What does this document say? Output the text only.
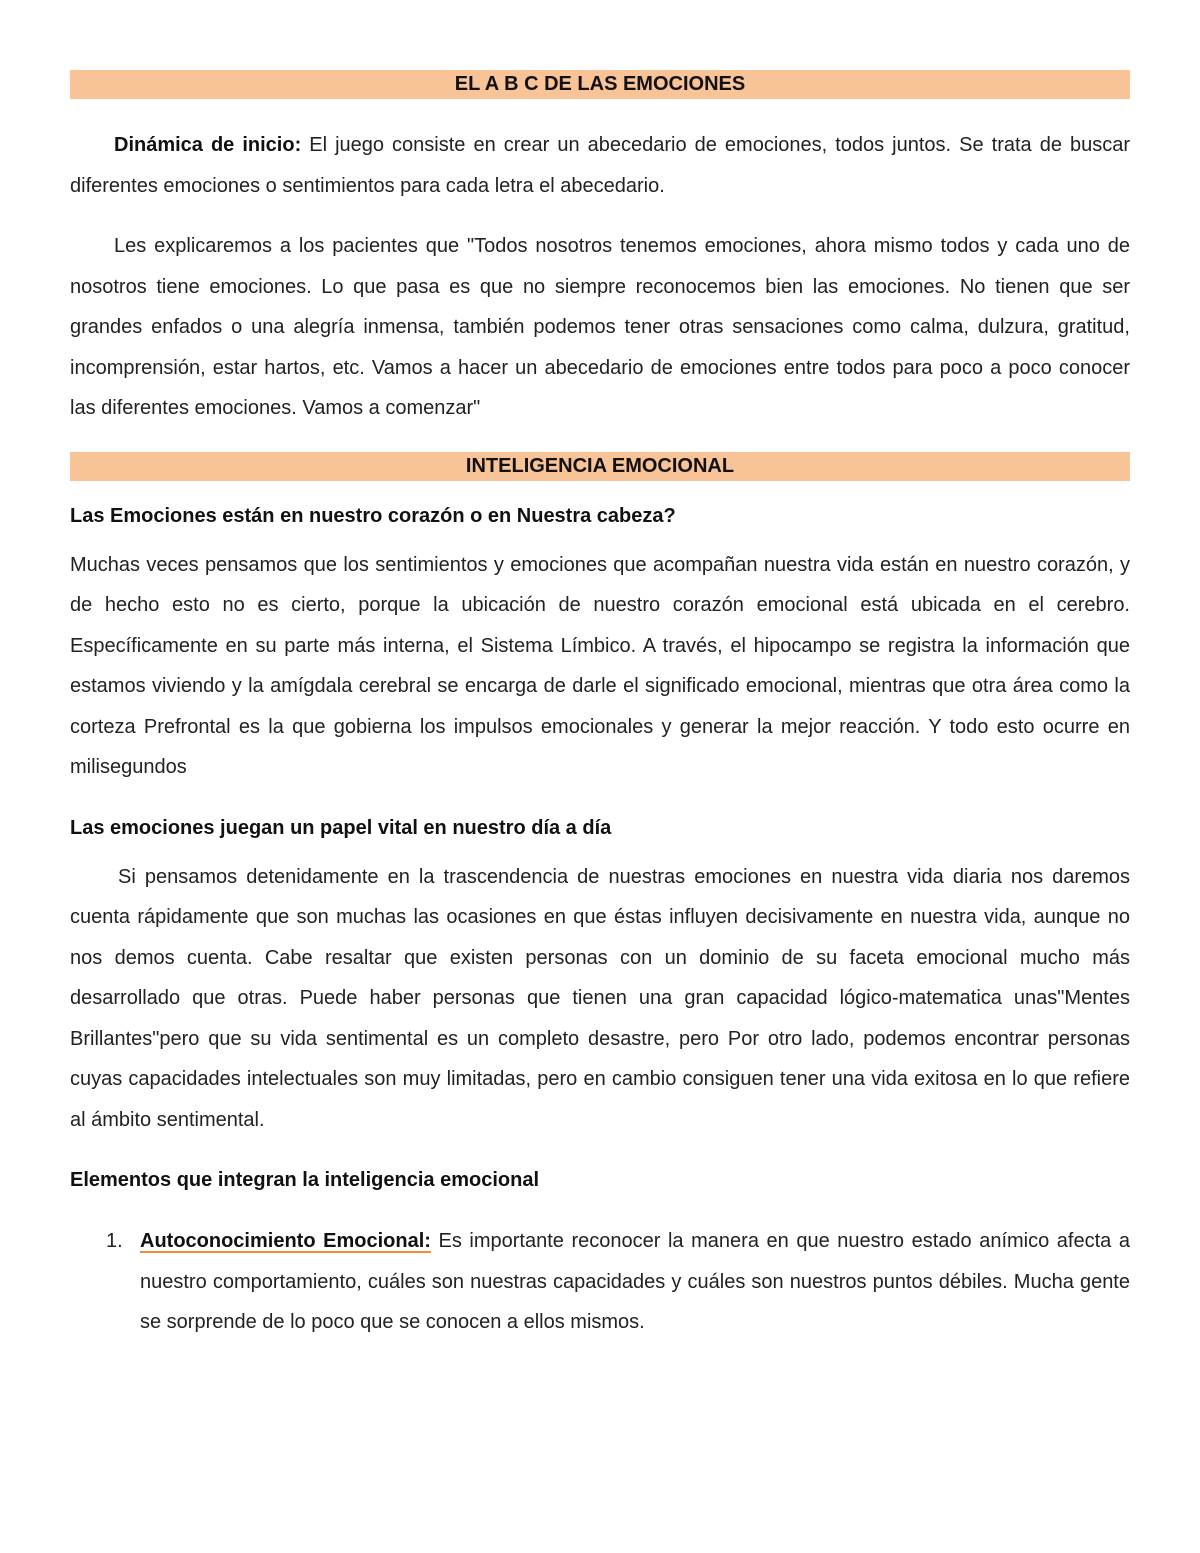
EL A B C DE LAS EMOCIONES

Dinámica de inicio: El juego consiste en crear un abecedario de emociones, todos juntos. Se trata de buscar diferentes emociones o sentimientos para cada letra el abecedario.

Les explicaremos a los pacientes que "Todos nosotros tenemos emociones, ahora mismo todos y cada uno de nosotros tiene emociones. Lo que pasa es que no siempre reconocemos bien las emociones. No tienen que ser grandes enfados o una alegría inmensa, también podemos tener otras sensaciones como calma, dulzura, gratitud, incomprensión, estar hartos, etc. Vamos a hacer un abecedario de emociones entre todos para poco a poco conocer las diferentes emociones. Vamos a comenzar"

INTELIGENCIA EMOCIONAL
Las Emociones están en nuestro corazón o en Nuestra cabeza?

Muchas veces pensamos que los sentimientos y emociones que acompañan nuestra vida están en nuestro corazón, y de hecho esto no es cierto, porque la ubicación de nuestro corazón emocional está ubicada en el cerebro. Específicamente en su parte más interna, el Sistema Límbico. A través, el hipocampo se registra la información que estamos viviendo y la amígdala cerebral se encarga de darle el significado emocional, mientras que otra área como la corteza Prefrontal es la que gobierna los impulsos emocionales y generar la mejor reacción. Y todo esto ocurre en milisegundos

Las emociones juegan un papel vital en nuestro día a día

Si pensamos detenidamente en la trascendencia de nuestras emociones en nuestra vida diaria nos daremos cuenta rápidamente que son muchas las ocasiones en que éstas influyen decisivamente en nuestra vida, aunque no nos demos cuenta. Cabe resaltar que existen personas con un dominio de su faceta emocional mucho más desarrollado que otras. Puede haber personas que tienen una gran capacidad lógico-matematica unas"Mentes Brillantes"pero que su vida sentimental es un completo desastre, pero Por otro lado, podemos encontrar personas cuyas capacidades intelectuales son muy limitadas, pero en cambio consiguen tener una vida exitosa en lo que refiere al ámbito sentimental.

Elementos que integran la inteligencia emocional
1. Autoconocimiento Emocional: Es importante reconocer la manera en que nuestro estado anímico afecta a nuestro comportamiento, cuáles son nuestras capacidades y cuáles son nuestros puntos débiles. Mucha gente se sorprende de lo poco que se conocen a ellos mismos.
